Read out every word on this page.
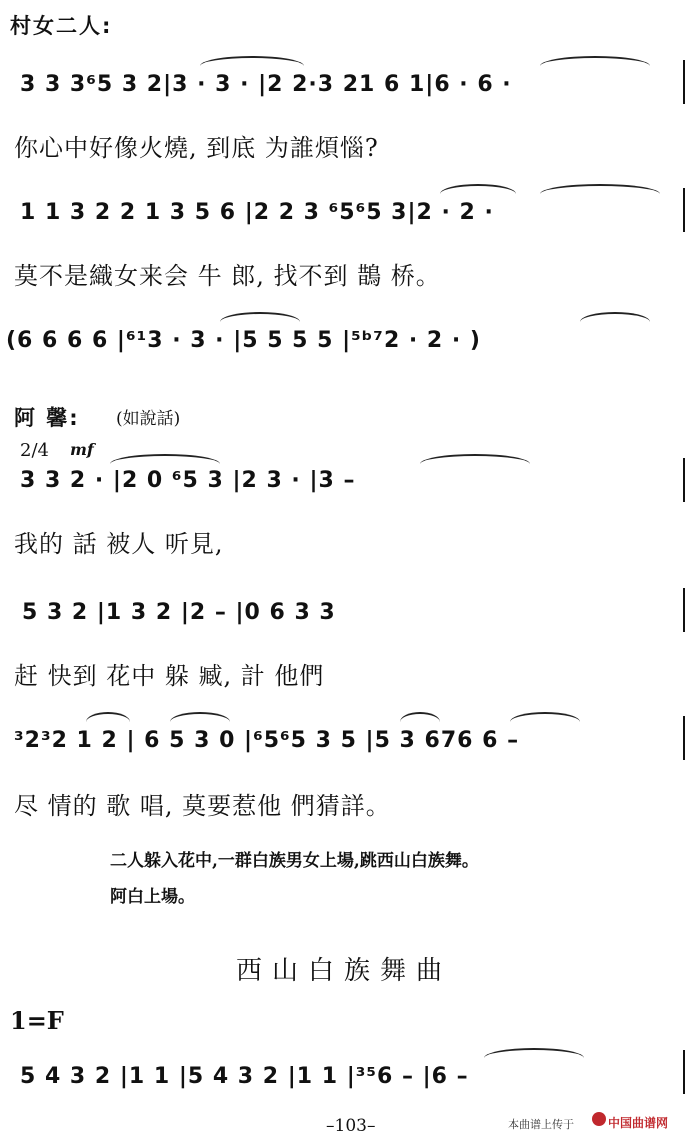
村女二人:
3 3 3⁶5 3 2|3 · 3 · |2 2·3 21 6 1|6 · 6 ·
你心中好像火燒, 到底 为誰煩惱?
1 1 3 2 2 1 3 5 6 |2 2 3 ⁶5⁶5 3|2 · 2 ·
莫不是織女来会 牛 郎, 找不到 鵲 桥。
(6 6 6 6 |⁶¹3 · 3 · |5 5 5 5 |⁵ᵇ⁷2 · 2 · )
阿 馨: (如說話)
2/4 mf
3 3 2 · |2 0 ⁶5 3 |2 3 · |3 –
我的 話 被人 听見,
5 3 2 |1 3 2 |2 – |0 6 3 3
赶 快到 花中 躲 臧, 計 他們
³2³2 1 2 | 6 5 3 0 |⁶5⁶5 3 5 |5 3 676 6 –
尽 情的 歌 唱, 莫要惹他 們猜詳。
二人躲入花中,一群白族男女上場,跳西山白族舞。
阿白上場。
西山白族舞曲
1=F
5 4 3 2 |1 1 |5 4 3 2 |1 1 |³⁵6 – |6 –
–103–	本曲谱上传于	中国曲谱网
